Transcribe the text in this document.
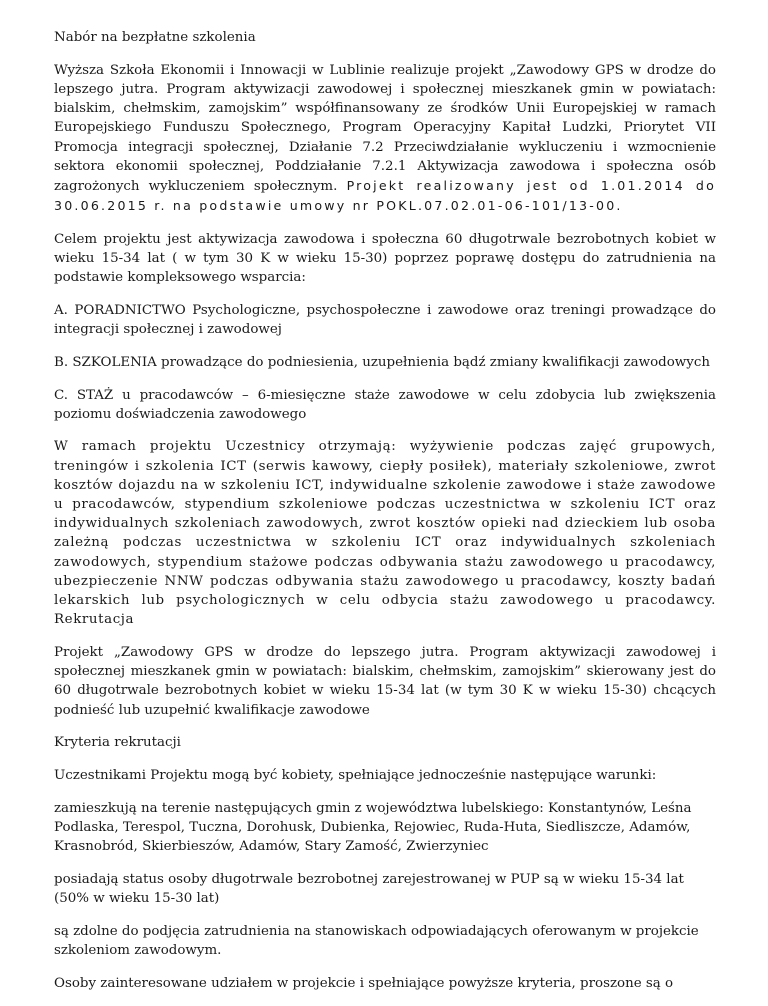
Nabór na bezpłatne szkolenia

Wyższa Szkoła Ekonomii i Innowacji w Lublinie realizuje projekt „Zawodowy GPS w drodze do lepszego jutra. Program aktywizacji zawodowej i społecznej mieszkanek gmin w powiatach: bialskim, chełmskim, zamojskim” współfinansowany ze środków Unii Europejskiej w ramach Europejskiego Funduszu Społecznego, Program Operacyjny Kapitał Ludzki, Priorytet VII Promocja integracji społecznej, Działanie 7.2 Przeciwdziałanie wykluczeniu i wzmocnienie sektora ekonomii społecznej, Poddziałanie 7.2.1 Aktywizacja zawodowa i społeczna osób zagrożonych wykluczeniem społecznym. Projekt realizowany jest od 1.01.2014 do 30.06.2015 r. na podstawie umowy nr POKL.07.02.01-06-101/13-00.

Celem projektu jest aktywizacja zawodowa i społeczna 60 długotrwale bezrobotnych kobiet w wieku 15-34 lat ( w tym 30 K w wieku 15-30) poprzez poprawę dostępu do zatrudnienia na podstawie kompleksowego wsparcia:

A. PORADNICTWO Psychologiczne, psychospołeczne i zawodowe oraz treningi prowadzące do integracji społecznej i zawodowej

B. SZKOLENIA prowadzące do podniesienia, uzupełnienia bądź zmiany kwalifikacji zawodowych

C. STAŻ u pracodawców – 6-miesięczne staże zawodowe w celu zdobycia lub zwiększenia poziomu doświadczenia zawodowego

W ramach projektu Uczestnicy otrzymają: wyżywienie podczas zajęć grupowych, treningów i szkolenia ICT (serwis kawowy, ciepły posiłek), materiały szkoleniowe, zwrot kosztów dojazdu na w szkoleniu ICT, indywidualne szkolenie zawodowe i staże zawodowe u pracodawców, stypendium szkoleniowe podczas uczestnictwa w szkoleniu ICT oraz indywidualnych szkoleniach zawodowych, zwrot kosztów opieki nad dzieckiem lub osoba zależną podczas uczestnictwa w szkoleniu ICT oraz indywidualnych szkoleniach zawodowych, stypendium stażowe podczas odbywania stażu zawodowego u pracodawcy, ubezpieczenie NNW podczas odbywania stażu zawodowego u pracodawcy, koszty badań lekarskich lub psychologicznych w celu odbycia stażu zawodowego u pracodawcy. Rekrutacja

Projekt „Zawodowy GPS w drodze do lepszego jutra. Program aktywizacji zawodowej i społecznej mieszkanek gmin w powiatach: bialskim, chełmskim, zamojskim” skierowany jest do 60 długotrwale bezrobotnych kobiet w wieku 15-34 lat (w tym 30 K w wieku 15-30) chcących podnieść lub uzupełnić kwalifikacje zawodowe

Kryteria rekrutacji

Uczestnikami Projektu mogą być kobiety, spełniające jednocześnie następujące warunki:

zamieszkują na terenie następujących gmin z województwa lubelskiego: Konstantynów, Leśna Podlaska, Terespol, Tuczna, Dorohusk, Dubienka, Rejowiec, Ruda-Huta, Siedliszcze, Adamów, Krasnobród, Skierbieszów, Adamów, Stary Zamość, Zwierzyniec

posiadają status osoby długotrwale bezrobotnej zarejestrowanej w PUP są w wieku 15-34 lat (50% w wieku 15-30 lat)

są zdolne do podjęcia zatrudnienia na stanowiskach odpowiadających oferowanym w projekcie szkoleniom zawodowym.

Osoby zainteresowane udziałem w projekcie i spełniające powyższe kryteria, proszone są o
